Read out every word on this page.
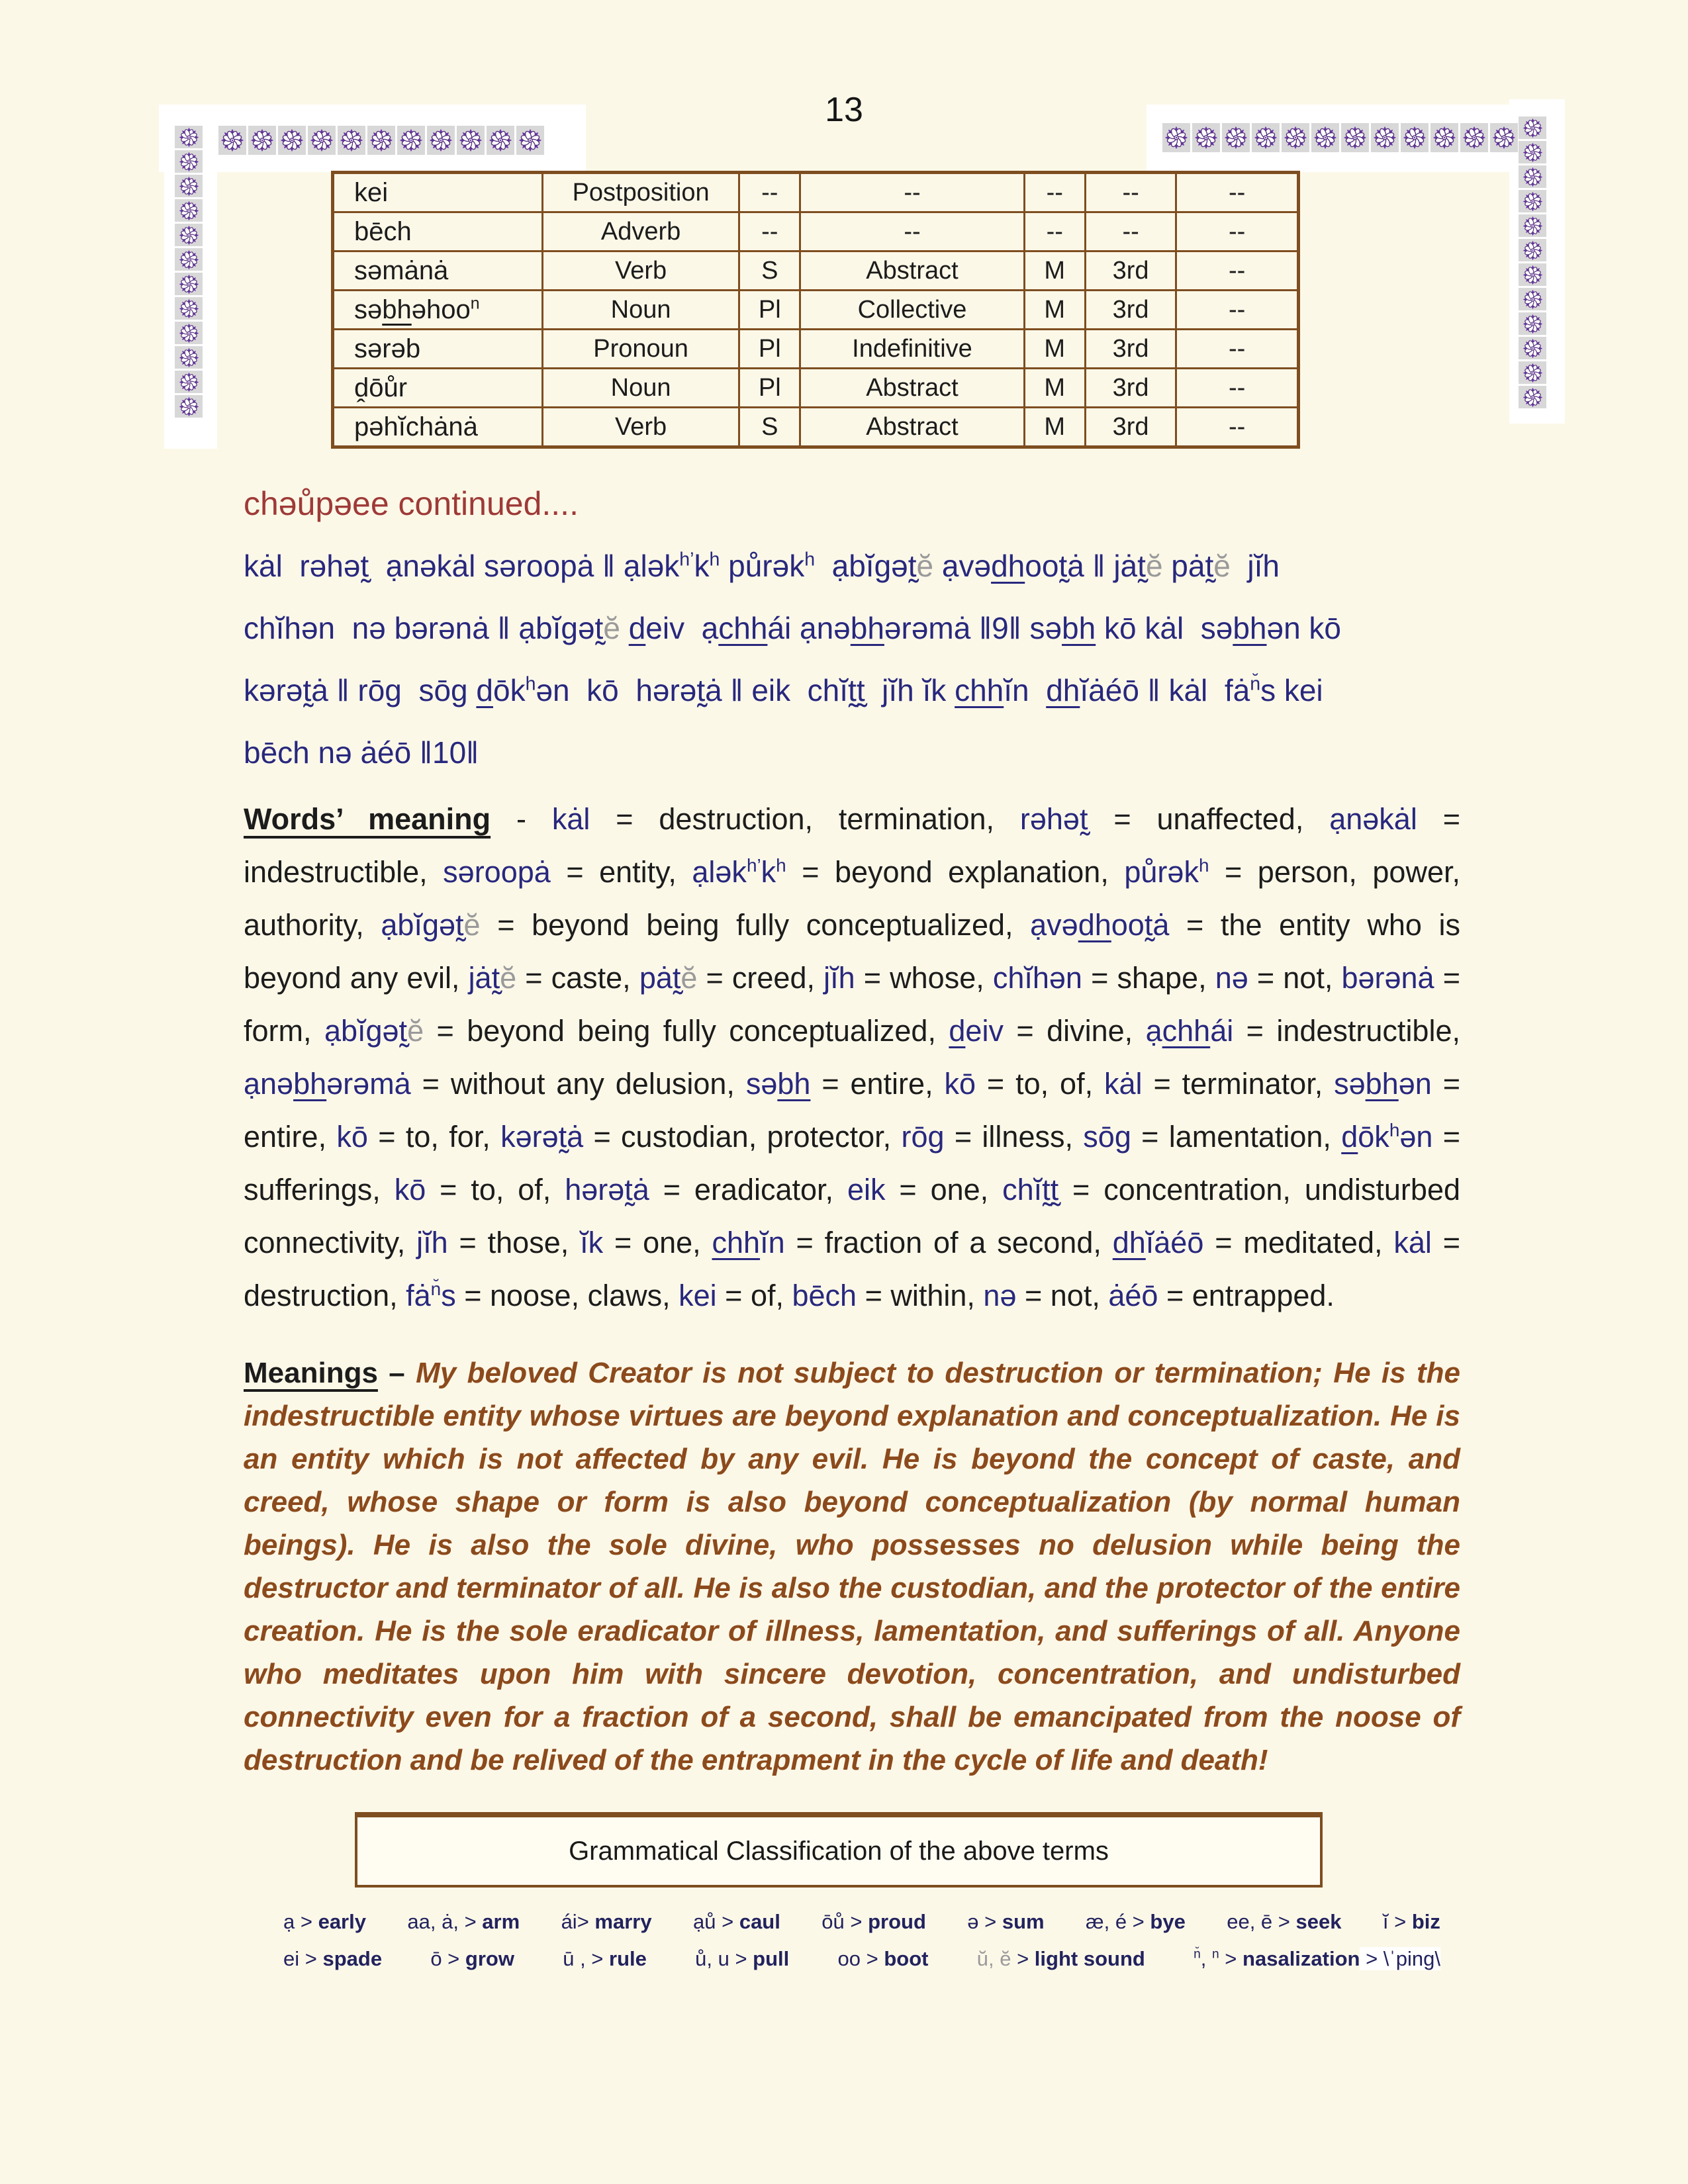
13
kei	Postposition	--	--	--	--	--
bēch	Adverb	--	--	--	--	--
səmȧnȧ	Verb	S	Abstract	M	3rd	--
səbhəhoo$^n$	Noun	Pl	Collective	M	3rd	--
sərəb	Pronoun	Pl	Indefinitive	M	3rd	--
ḓōůr	Noun	Pl	Abstract	M	3rd	--
pəhĭchȧnȧ	Verb	S	Abstract	M	3rd	--
chəůpəee continued....
kȧl  rəhət̰  ạnəkȧl səroopȧ ǁ $ạlək^{h’}k^h$ půrək$^h$  ạbĭgət̰ĕ ạvədhoot̰ȧ ǁ jȧt̰ĕ pȧt̰ĕ  jĭh
chĭhən  nə bərənȧ ǁ ạbĭgət̰ĕ deiv  ạchhái ạnəbhərəmȧ ǁ9ǁ səbh kō kȧl  səbhən kō
kərət̰ȧ ǁ rōg  sōg dōk$^h$ən  kō  hərət̰ȧ ǁ eik  chĭt̰t̰  jĭh ĭk chhĭn  dhĭȧéō ǁ kȧl  $fȧ^{n̆}s$ kei
bēch nə ȧéō ǁ10ǁ
Words’ meaning - kȧl = destruction, termination, rəhət̰ = unaffected, ạnəkȧl = indestructible, səroopȧ = entity, $ạlək^{h’}k^h$ = beyond explanation, půrək$^h$ = person, power, authority, ạbĭgət̰ĕ = beyond being fully conceptualized, ạvədhoot̰ȧ = the entity who is beyond any evil, jȧt̰ĕ = caste, pȧt̰ĕ = creed, jĭh = whose, chĭhən = shape, nə = not, bərənȧ = form, ạbĭgət̰ĕ = beyond being fully conceptualized, deiv = divine, ạchhái = indestructible, ạnəbhərəmȧ = without any delusion, səbh = entire, kō = to, of, kȧl = terminator, səbhən = entire, kō = to, for, kərət̰ȧ = custodian, protector, rōg = illness, sōg = lamentation, dōk$^h$ən = sufferings, kō = to, of, hərət̰ȧ = eradicator, eik = one, chĭt̰t̰ = concentration, undisturbed connectivity, jĭh = those, ĭk = one, chhĭn = fraction of a second, dhĭȧéō = meditated, kȧl = destruction, $fȧ^{n̆}s$ = noose, claws, kei = of, bēch = within, nə = not, ȧéō = entrapped.
Meanings – My beloved Creator is not subject to destruction or termination; He is the indestructible entity whose virtues are beyond explanation and conceptualization. He is an entity which is not affected by any evil. He is beyond the concept of caste, and creed, whose shape or form is also beyond conceptualization (by normal human beings). He is also the sole divine, who possesses no delusion while being the destructor and terminator of all. He is also the custodian, and the protector of the entire creation. He is the sole eradicator of illness, lamentation, and sufferings of all. Anyone who meditates upon him with sincere devotion, concentration, and undisturbed connectivity even for a fraction of a second, shall be emancipated from the noose of destruction and be relived of the entrapment in the cycle of life and death!
Grammatical Classification of the above terms
ạ > early aa, ȧ, > arm ái> marry ạů > caul ōů > proud ə > sum æ, é > bye ee, ē > seek ĭ > biz
ei > spade ō > grow ū , > rule ů, u > pull oo > boot ŭ, ĕ > light sound	$^{n̆}$, $^n$ > nasalization > \ˈping\
